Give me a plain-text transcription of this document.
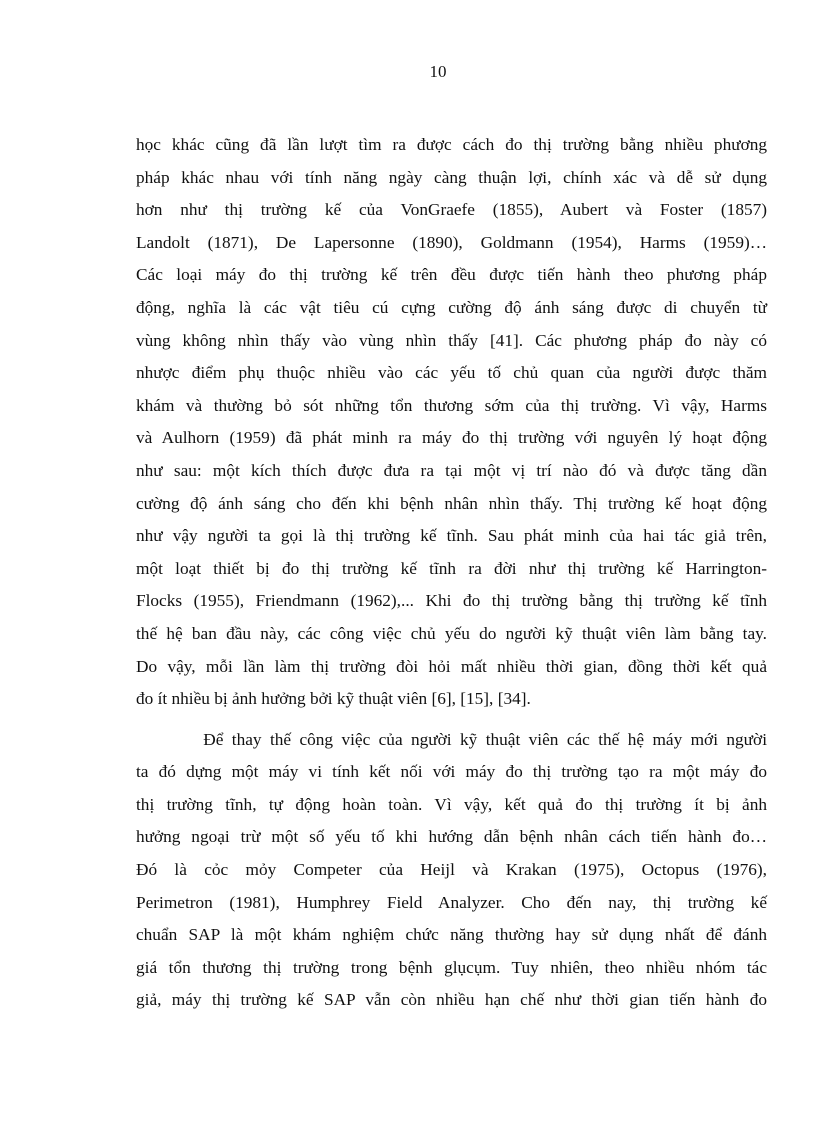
10
học khác cũng đã lần lượt tìm ra được cách đo thị trường bằng nhiều phương
pháp khác nhau với tính năng ngày càng thuận lợi, chính xác và dễ sử dụng
hơn như thị trường kế của VonGraefe (1855), Aubert và Foster (1857)
Landolt (1871), De Lapersonne (1890), Goldmann (1954), Harms (1959)…
Các loại máy đo thị trường kế trên đều được tiến hành theo phương pháp
động, nghĩa là các vật tiêu cú cựng cường độ ánh sáng được di chuyển từ
vùng không nhìn thấy vào vùng nhìn thấy [41]. Các phương pháp đo này có
nhược điểm phụ thuộc nhiều vào các yếu tố chủ quan của người được thăm
khám và thường bỏ sót những tổn thương sớm của thị trường. Vì vậy, Harms
và Aulhorn (1959) đã phát minh ra máy đo thị trường với nguyên lý hoạt động
như sau: một kích thích được đưa ra tại một vị trí nào đó và được tăng dần
cường độ ánh sáng cho đến khi bệnh nhân nhìn thấy. Thị trường kế hoạt động
như vậy người ta gọi là thị trường kế tĩnh. Sau phát minh của hai tác giả trên,
một loạt thiết bị đo thị trường kế tĩnh ra đời như thị trường kế Harrington-
Flocks (1955), Friendmann (1962),... Khi đo thị trường bằng thị trường kế tĩnh
thế hệ ban đầu này, các công việc chủ yếu do người kỹ thuật viên làm bằng tay.
Do vậy, mỗi lần làm thị trường đòi hỏi mất nhiều thời gian, đồng thời kết quả
đo ít nhiều bị ảnh hưởng bởi kỹ thuật viên [6], [15], [34].
Để thay thế công việc của người kỹ thuật viên các thế hệ máy mới người
ta đó dựng một máy vi tính kết nối với máy đo thị trường tạo ra một máy đo
thị trường tĩnh, tự động hoàn toàn. Vì vậy, kết quả đo thị trường ít bị ảnh
hưởng ngoại trừ một số yếu tố khi hướng dẫn bệnh nhân cách tiến hành đo…
Đó là cỏc mỏy Competer của Heijl và Krakan (1975), Octopus (1976),
Perimetron (1981), Humphrey Field Analyzer. Cho đến nay, thị trường kế
chuẩn SAP là một khám nghiệm chức năng thường hay sử dụng nhất để đánh
giá tổn thương thị trường trong bệnh glụcụm. Tuy nhiên, theo nhiều nhóm tác
giả, máy thị trường kế SAP vẫn còn nhiều hạn chế như thời gian tiến hành đo
